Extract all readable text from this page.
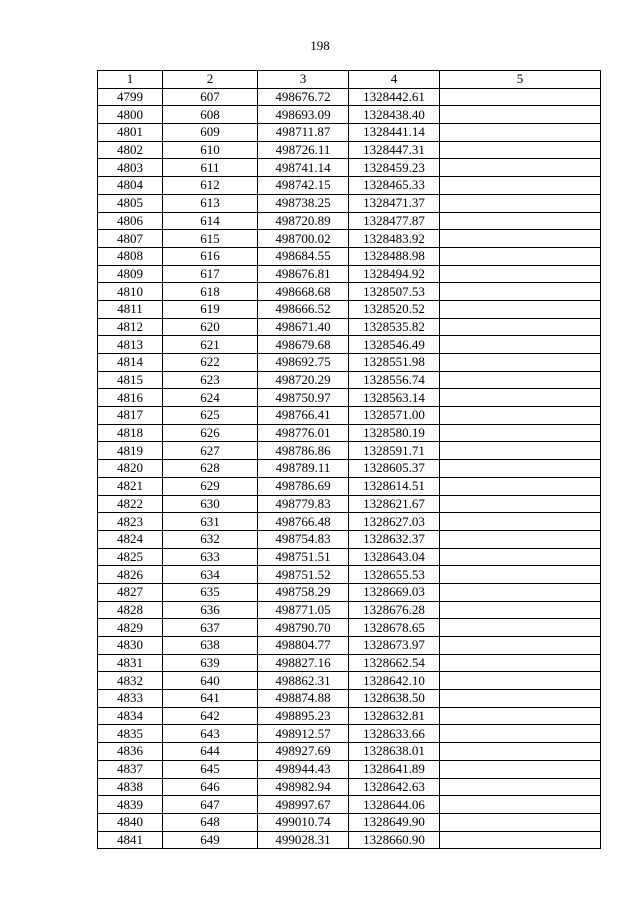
198
1	2	3	4	5
4799	607	498676.72	1328442.61	
4800	608	498693.09	1328438.40	
4801	609	498711.87	1328441.14	
4802	610	498726.11	1328447.31	
4803	611	498741.14	1328459.23	
4804	612	498742.15	1328465.33	
4805	613	498738.25	1328471.37	
4806	614	498720.89	1328477.87	
4807	615	498700.02	1328483.92	
4808	616	498684.55	1328488.98	
4809	617	498676.81	1328494.92	
4810	618	498668.68	1328507.53	
4811	619	498666.52	1328520.52	
4812	620	498671.40	1328535.82	
4813	621	498679.68	1328546.49	
4814	622	498692.75	1328551.98	
4815	623	498720.29	1328556.74	
4816	624	498750.97	1328563.14	
4817	625	498766.41	1328571.00	
4818	626	498776.01	1328580.19	
4819	627	498786.86	1328591.71	
4820	628	498789.11	1328605.37	
4821	629	498786.69	1328614.51	
4822	630	498779.83	1328621.67	
4823	631	498766.48	1328627.03	
4824	632	498754.83	1328632.37	
4825	633	498751.51	1328643.04	
4826	634	498751.52	1328655.53	
4827	635	498758.29	1328669.03	
4828	636	498771.05	1328676.28	
4829	637	498790.70	1328678.65	
4830	638	498804.77	1328673.97	
4831	639	498827.16	1328662.54	
4832	640	498862.31	1328642.10	
4833	641	498874.88	1328638.50	
4834	642	498895.23	1328632.81	
4835	643	498912.57	1328633.66	
4836	644	498927.69	1328638.01	
4837	645	498944.43	1328641.89	
4838	646	498982.94	1328642.63	
4839	647	498997.67	1328644.06	
4840	648	499010.74	1328649.90	
4841	649	499028.31	1328660.90	
